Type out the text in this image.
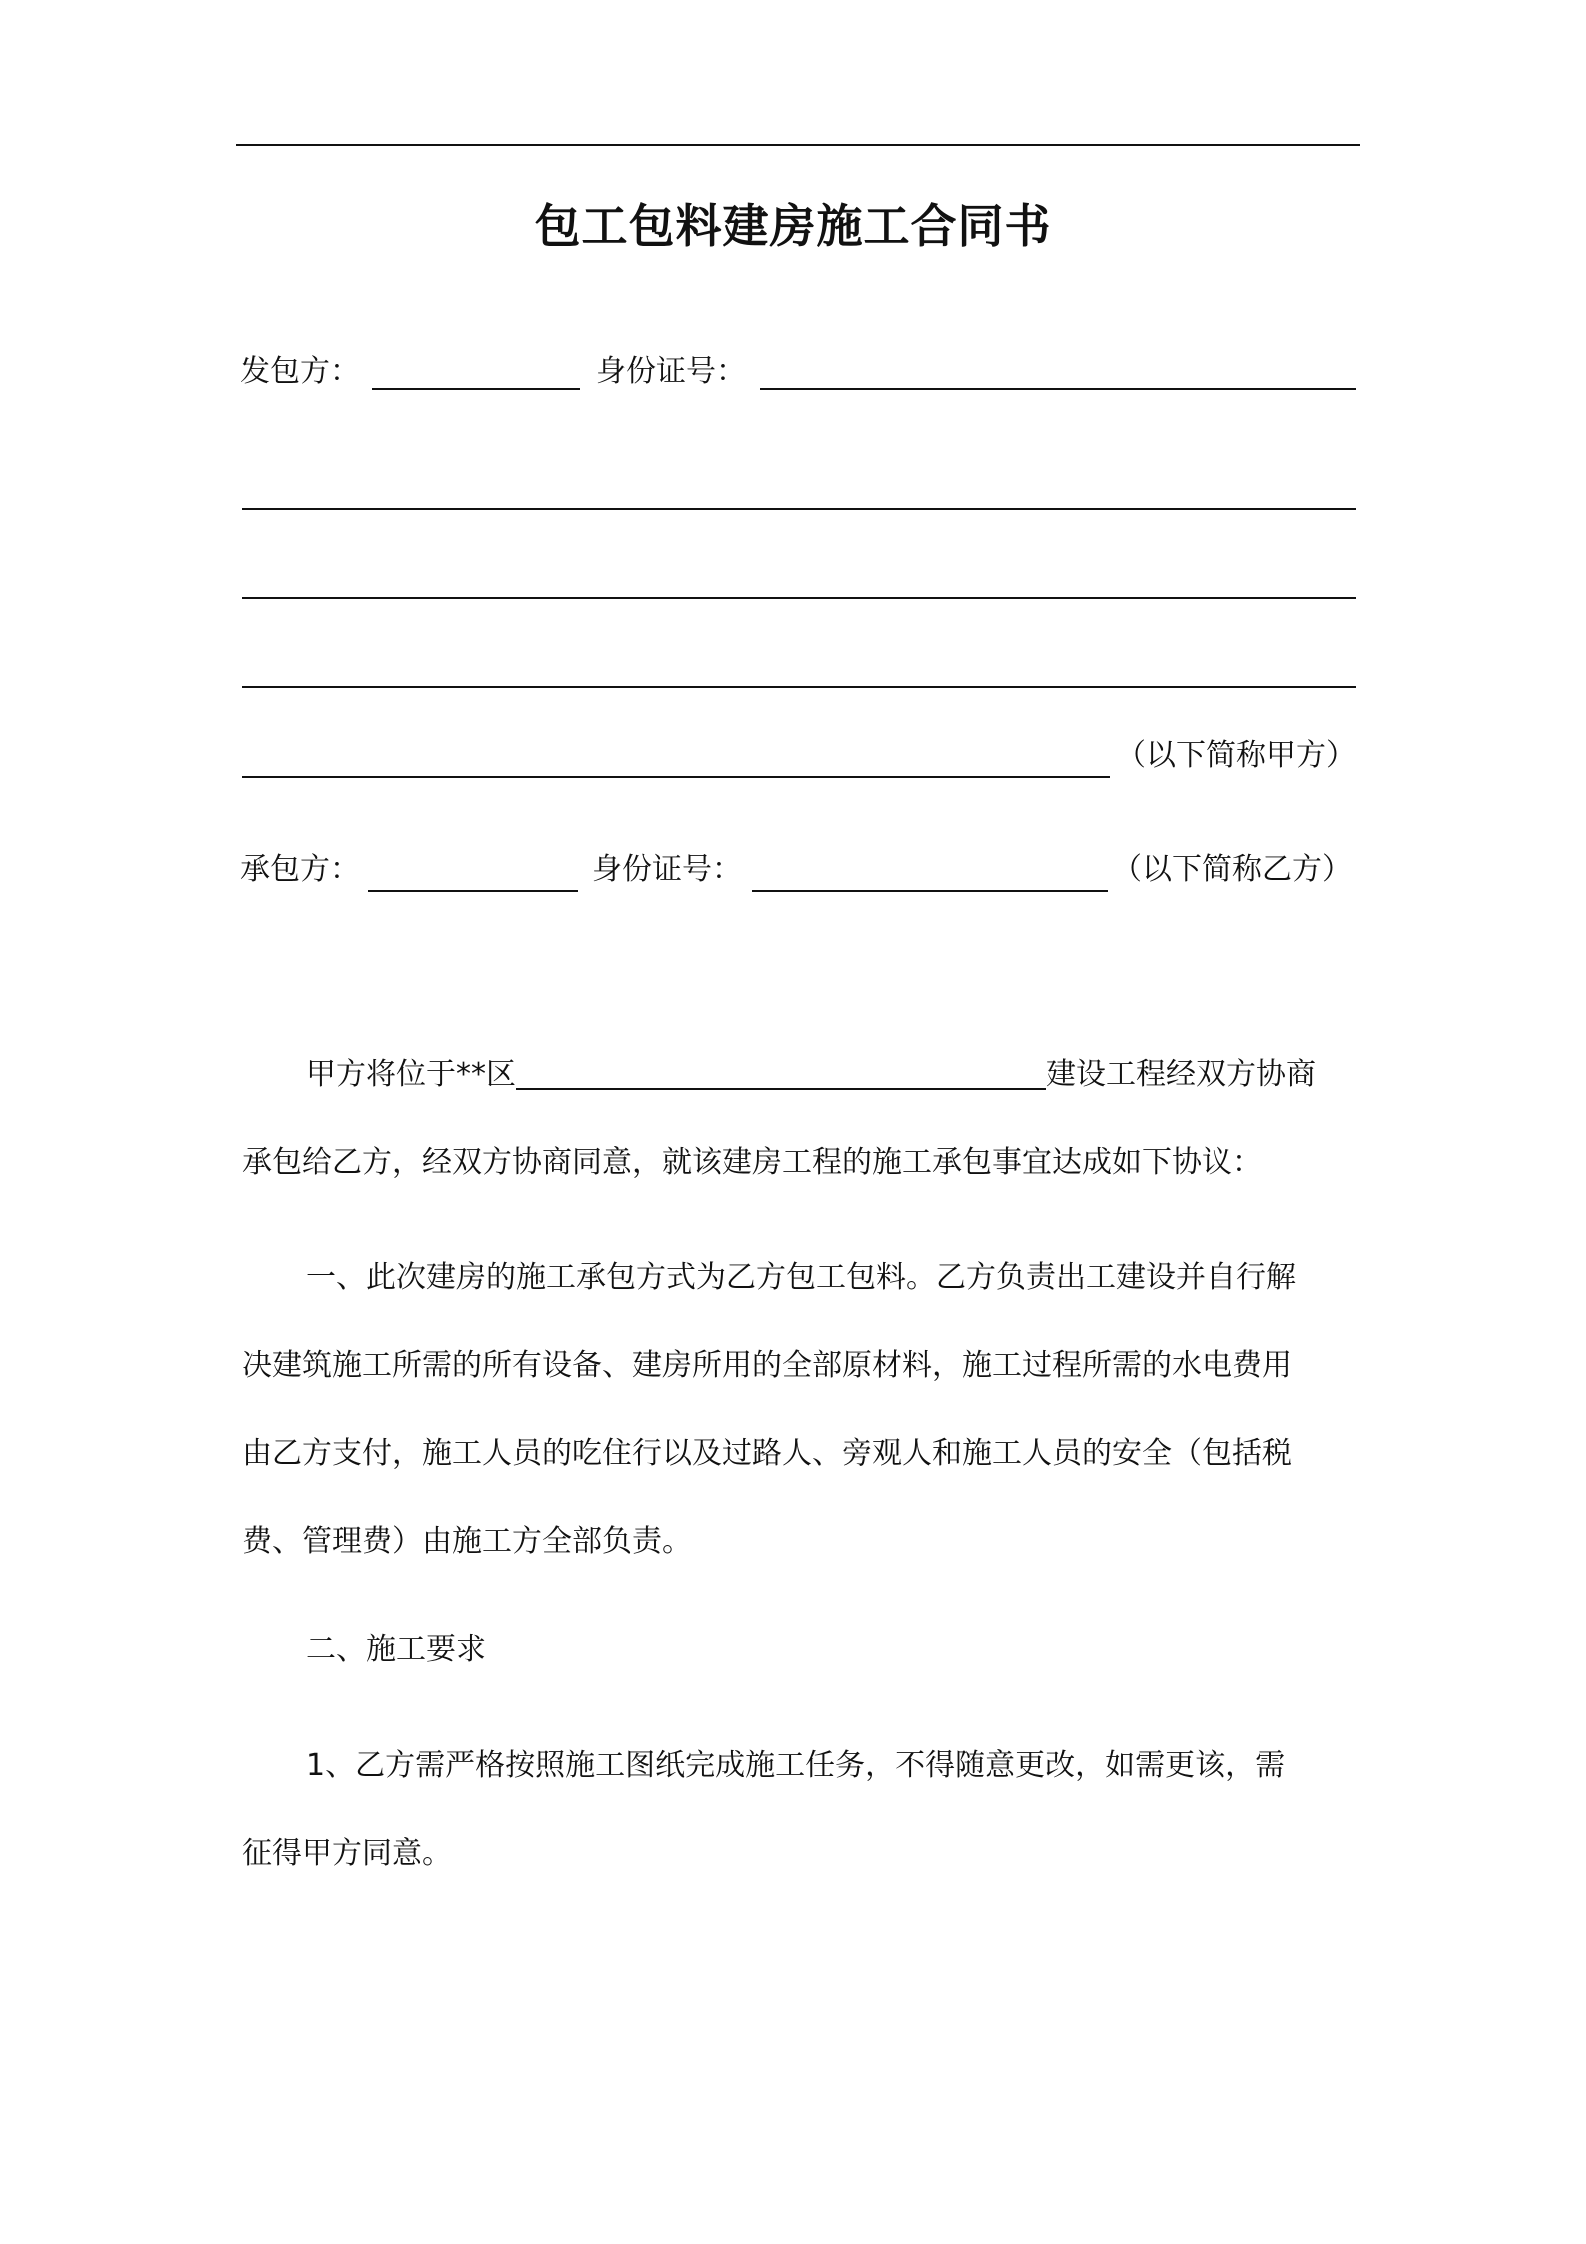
包工包料建房施工合同书
发包方：	身份证号：
（以下简称甲方）
承包方：	身份证号：	（以下简称乙方）
甲方将位于**区	建设工程经双方协商
承包给乙方，经双方协商同意，就该建房工程的施工承包事宜达成如下协议：
一、此次建房的施工承包方式为乙方包工包料。乙方负责出工建设并自行解
决建筑施工所需的所有设备、建房所用的全部原材料，施工过程所需的水电费用
由乙方支付，施工人员的吃住行以及过路人、旁观人和施工人员的安全（包括税
费、管理费）由施工方全部负责。
二、施工要求
1、乙方需严格按照施工图纸完成施工任务，不得随意更改，如需更该，需
征得甲方同意。
